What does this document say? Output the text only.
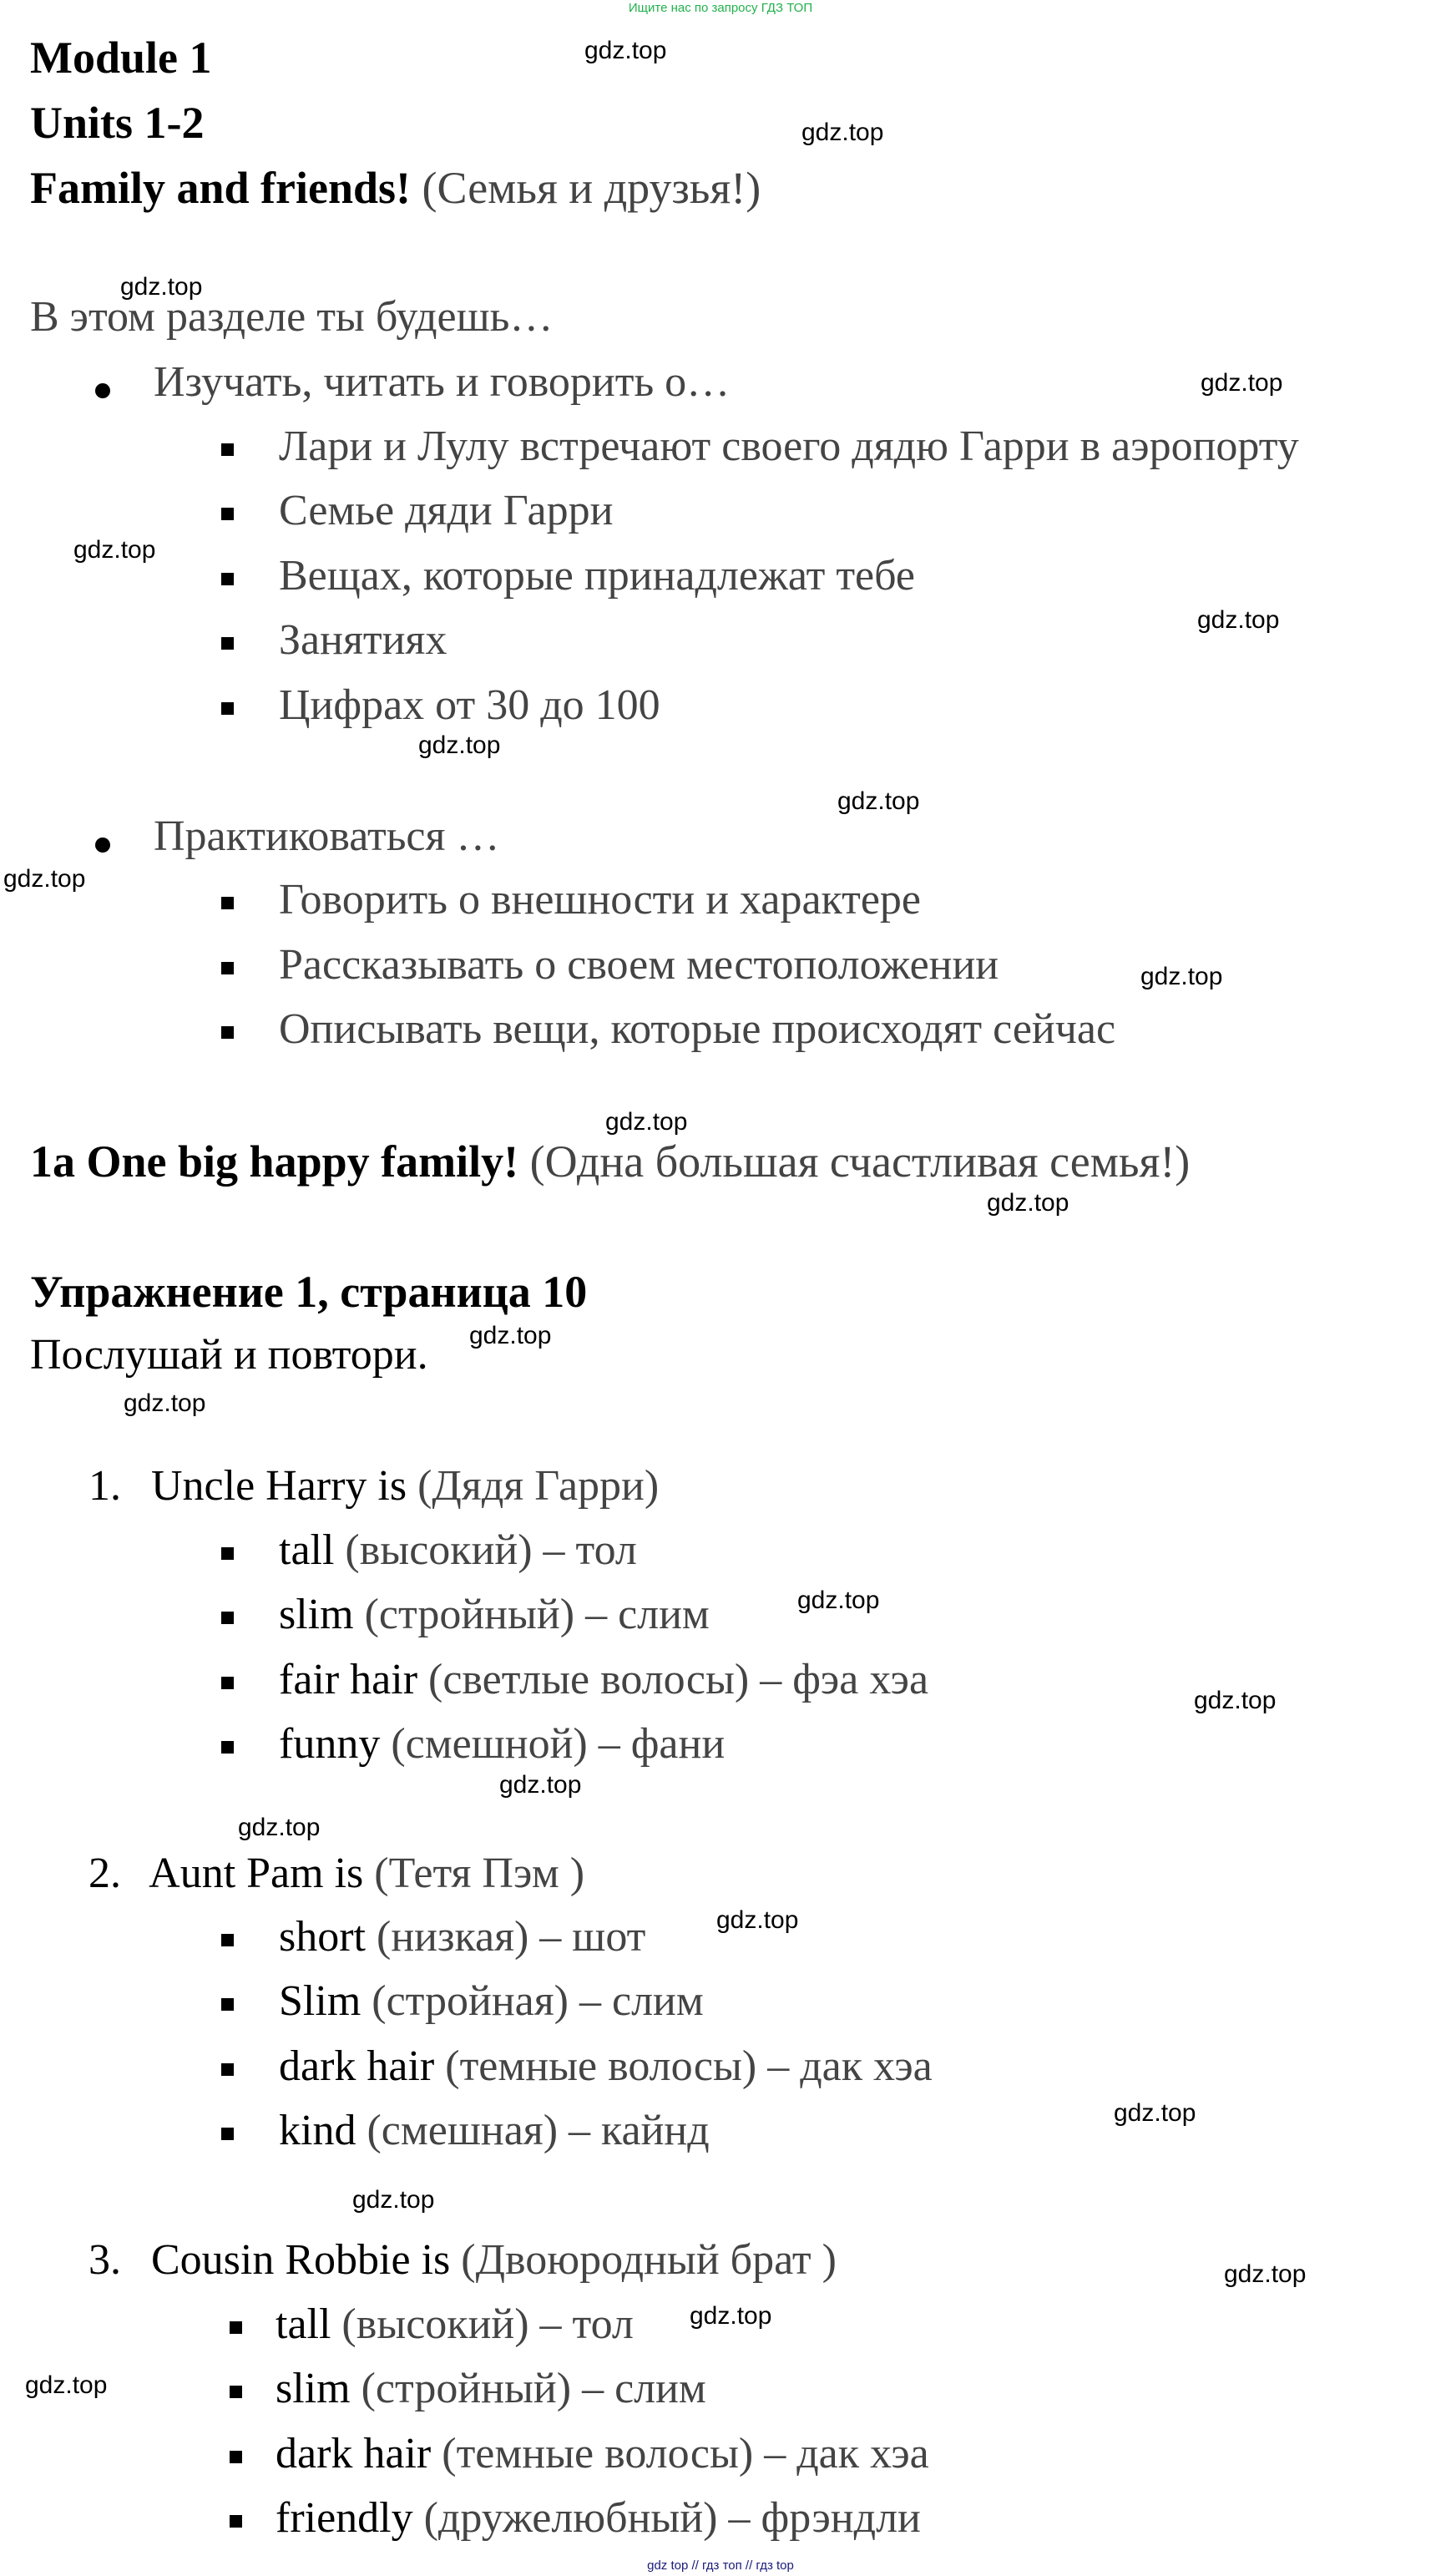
Ищите нас по запросу ГДЗ ТОП
Module 1
Units 1-2
Family and friends! (Семья и друзья!)
В этом разделе ты будешь…
Изучать, читать и говорить о…
Лари и Лулу встречают своего дядю Гарри в аэропорту
Семье дяди Гарри
Вещах, которые принадлежат тебе
Занятиях
Цифрах от 30 до 100
Практиковаться …
Говорить о внешности и характере
Рассказывать о своем местоположении
Описывать вещи, которые происходят сейчас
1a One big happy family! (Одна большая счастливая семья!)
Упражнение 1, страница 10
Послушай и повтори.
1. Uncle Harry is (Дядя Гарри)
tall (высокий) – тол
slim (стройный) – слим
fair hair (светлые волосы) – фэа хэа
funny (смешной) – фани
2. Aunt Pam is (Тетя Пэм )
short (низкая) – шот
Slim (стройная) – слим
dark hair (темные волосы) – дак хэа
kind (смешная) – кайнд
3. Cousin Robbie is (Двоюродный брат )
tall (высокий) – тол
slim (стройный) – слим
dark hair (темные волосы) – дак хэа
friendly (дружелюбный) – фрэндли
gdz.top
gdz.top
gdz.top
gdz.top
gdz.top
gdz.top
gdz.top
gdz.top
gdz.top
gdz.top
gdz.top
gdz.top
gdz.top
gdz.top
gdz.top
gdz.top
gdz.top
gdz.top
gdz.top
gdz.top
gdz.top
gdz.top
gdz.top
gdz.top
gdz top // гдз топ // гдз top
